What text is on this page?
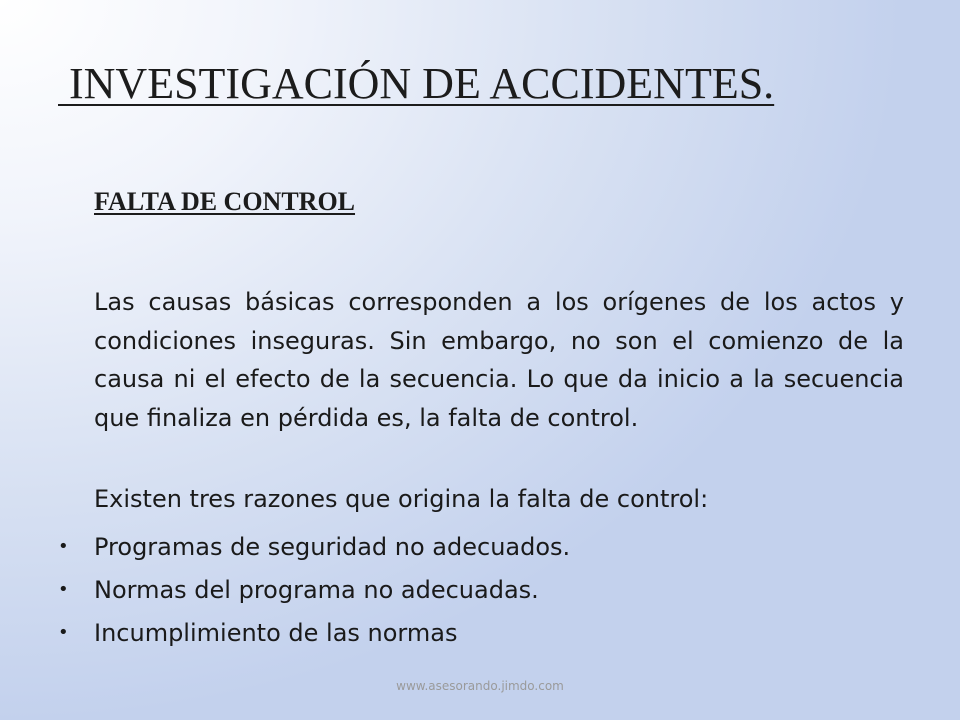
INVESTIGACIÓN DE ACCIDENTES.
FALTA DE CONTROL

Las causas básicas corresponden a los orígenes de los actos y condiciones inseguras. Sin embargo, no son el comienzo de la causa ni el efecto de la secuencia. Lo que da inicio a la secuencia que finaliza en pérdida es, la falta de control.

Existen tres razones que origina la falta de control:

• Programas de seguridad no adecuados.
• Normas del programa no adecuadas.
• Incumplimiento de las normas
www.asesorando.jimdo.com
